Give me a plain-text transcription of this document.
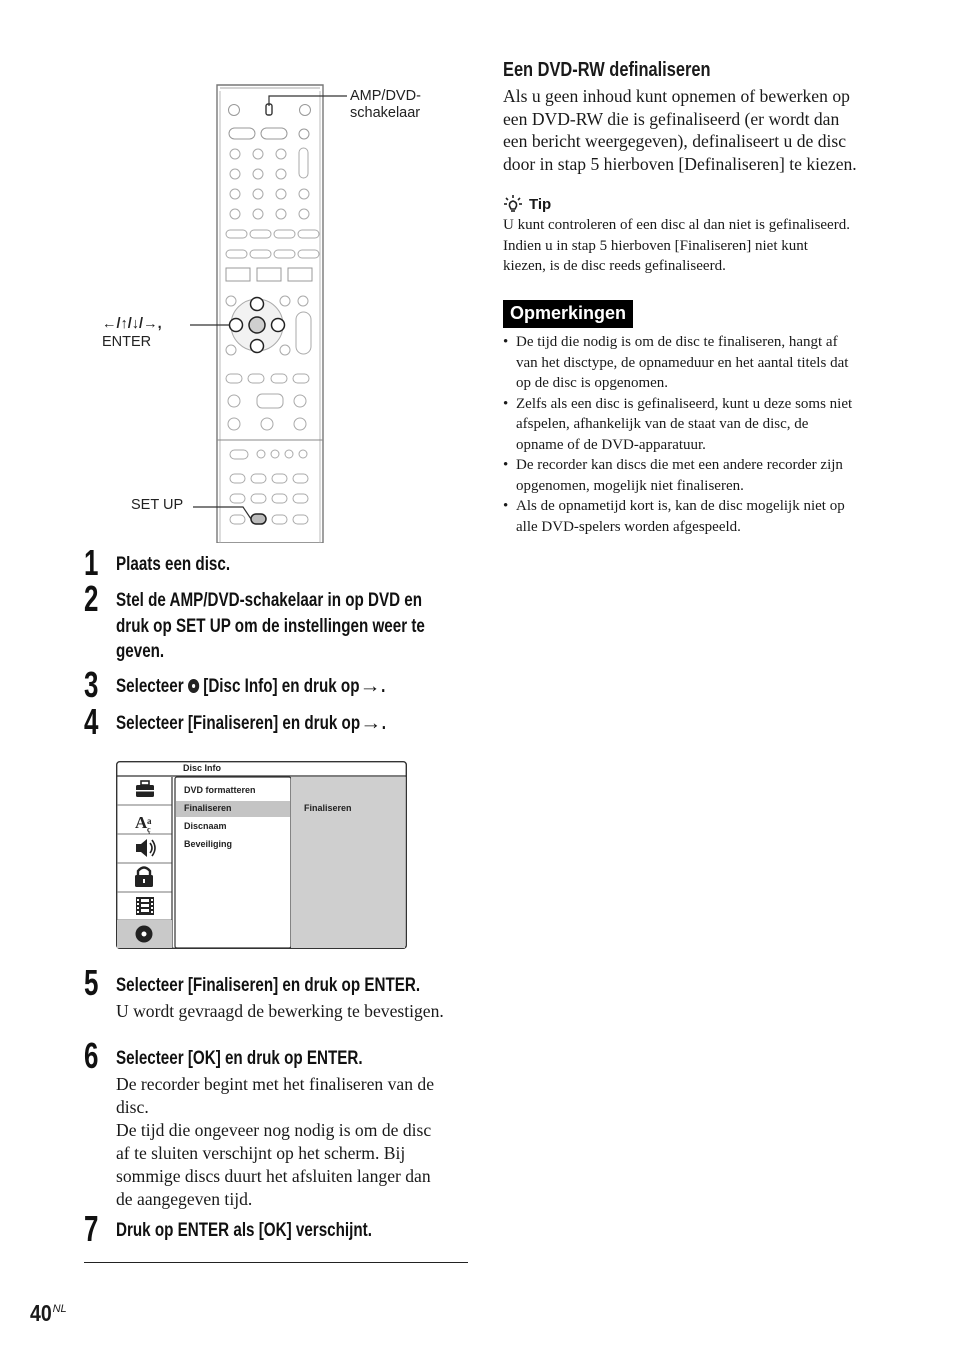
AMP/DVD-
schakelaar
←/↑/↓/→,
ENTER
SET UP
1 Plaats een disc.
2 Stel de AMP/DVD-schakelaar in op DVD en
druk op SET UP om de instellingen weer te
geven.
3 Selecteer [Disc Info] en druk op→.
4 Selecteer [Finaliseren] en druk op→.
A a
ç
Disc Info
DVD formatteren
Finaliseren
Discnaam
Beveiliging
Finaliseren
5 Selecteer [Finaliseren] en druk op ENTER.
U wordt gevraagd de bewerking te bevestigen.
6 Selecteer [OK] en druk op ENTER.
De recorder begint met het finaliseren van de
disc.
De tijd die ongeveer nog nodig is om de disc
af te sluiten verschijnt op het scherm. Bij
sommige discs duurt het afsluiten langer dan
de aangegeven tijd.
7 Druk op ENTER als [OK] verschijnt.
Een DVD-RW definaliseren
Als u geen inhoud kunt opnemen of bewerken op
een DVD-RW die is gefinaliseerd (er wordt dan
een bericht weergegeven), definaliseert u de disc
door in stap 5 hierboven [Definaliseren] te kiezen.
Tip
U kunt controleren of een disc al dan niet is gefinaliseerd.
Indien u in stap 5 hierboven [Finaliseren] niet kunt
kiezen, is de disc reeds gefinaliseerd.
Opmerkingen
• De tijd die nodig is om de disc te finaliseren, hangt af
van het disctype, de opnameduur en het aantal titels dat
op de disc is opgenomen.
• Zelfs als een disc is gefinaliseerd, kunt u deze soms niet
afspelen, afhankelijk van de staat van de disc, de
opname of de DVD-apparatuur.
• De recorder kan discs die met een andere recorder zijn
opgenomen, mogelijk niet finaliseren.
• Als de opnametijd kort is, kan de disc mogelijk niet op
alle DVD-spelers worden afgespeeld.
$40^{NL}$
